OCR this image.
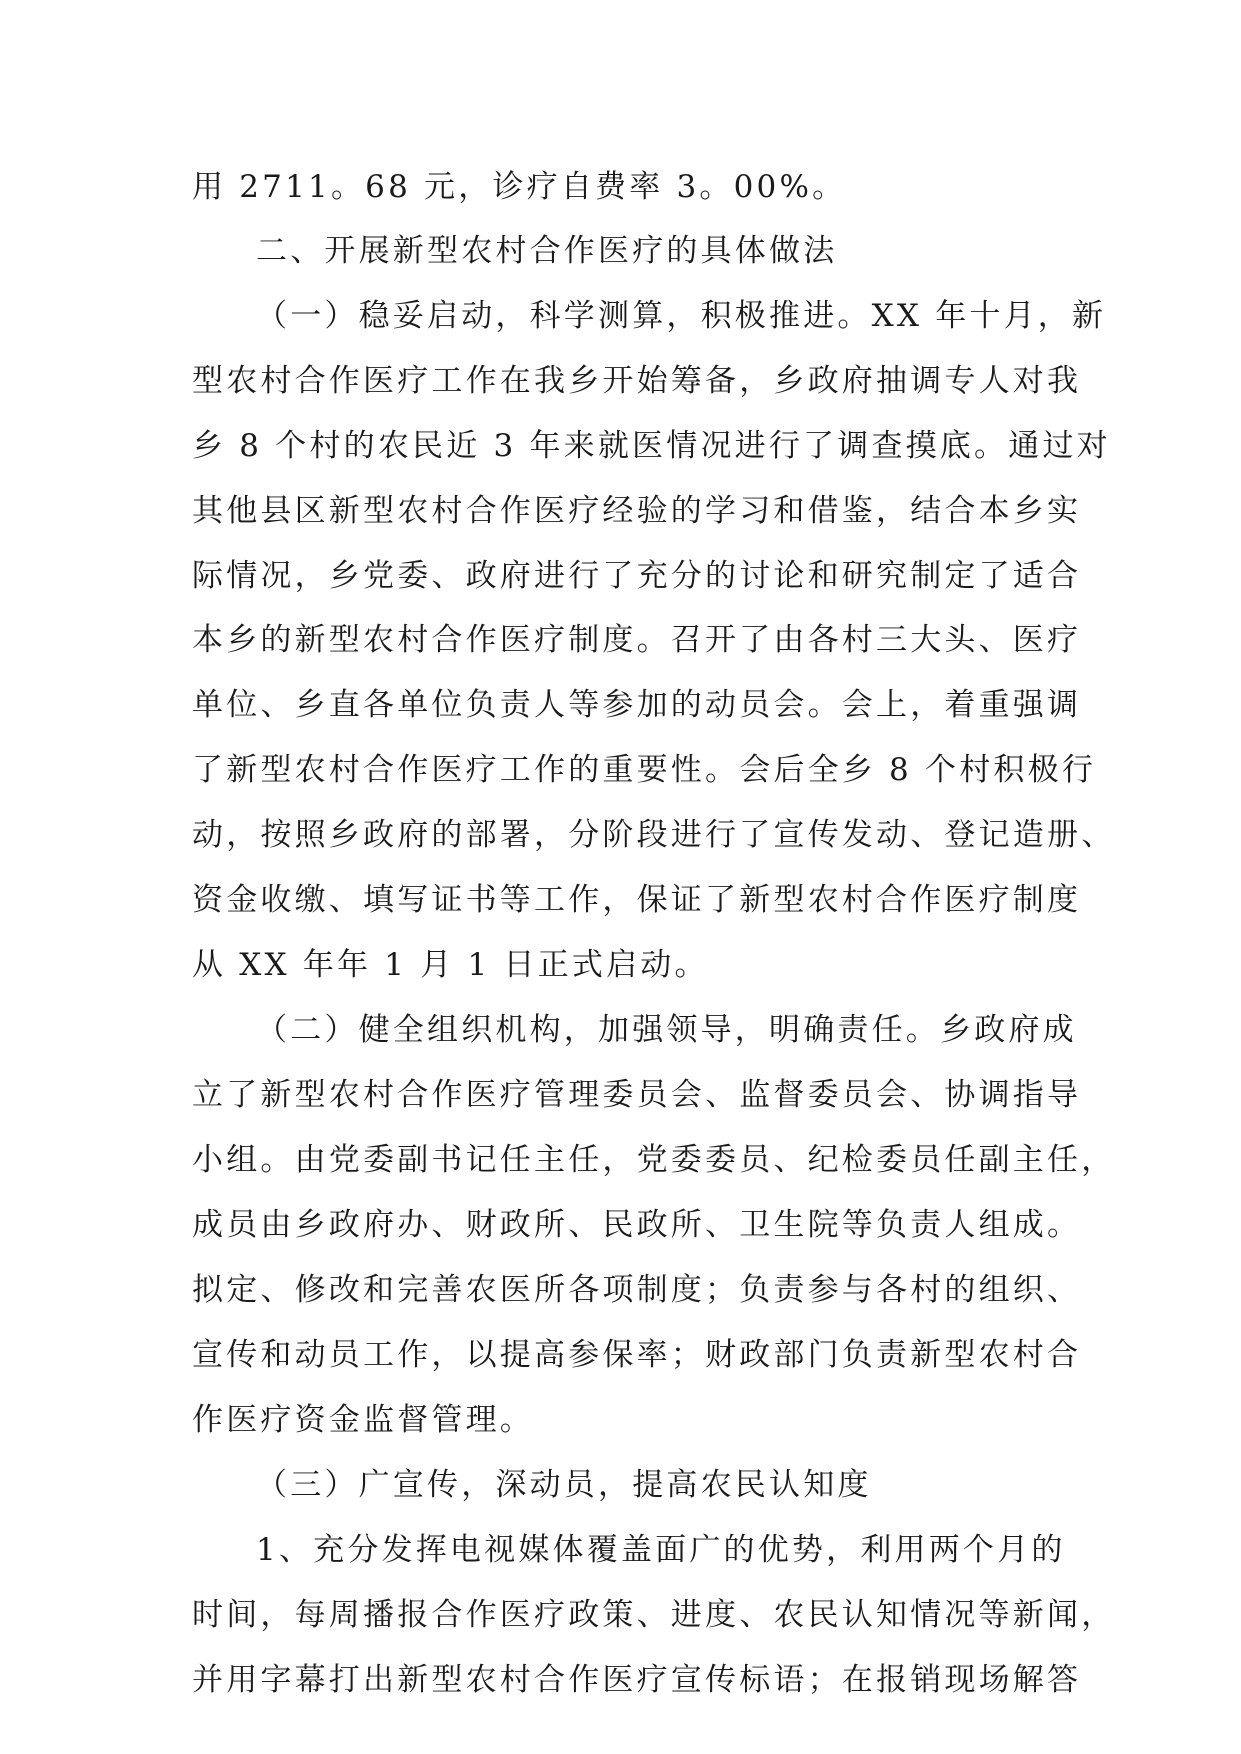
用 2711。68 元，诊疗自费率 3。00%。
二、开展新型农村合作医疗的具体做法
（一）稳妥启动，科学测算，积极推进。XX 年十月，新
型农村合作医疗工作在我乡开始筹备，乡政府抽调专人对我
乡 8 个村的农民近 3 年来就医情况进行了调查摸底。通过对
其他县区新型农村合作医疗经验的学习和借鉴，结合本乡实
际情况，乡党委、政府进行了充分的讨论和研究制定了适合
本乡的新型农村合作医疗制度。召开了由各村三大头、医疗
单位、乡直各单位负责人等参加的动员会。会上，着重强调
了新型农村合作医疗工作的重要性。会后全乡 8 个村积极行
动，按照乡政府的部署，分阶段进行了宣传发动、登记造册、
资金收缴、填写证书等工作，保证了新型农村合作医疗制度
从 XX 年年 1 月 1 日正式启动。
（二）健全组织机构，加强领导，明确责任。乡政府成
立了新型农村合作医疗管理委员会、监督委员会、协调指导
小组。由党委副书记任主任，党委委员、纪检委员任副主任，
成员由乡政府办、财政所、民政所、卫生院等负责人组成。
拟定、修改和完善农医所各项制度；负责参与各村的组织、
宣传和动员工作，以提高参保率；财政部门负责新型农村合
作医疗资金监督管理。
（三）广宣传，深动员，提高农民认知度
1、充分发挥电视媒体覆盖面广的优势，利用两个月的
时间，每周播报合作医疗政策、进度、农民认知情况等新闻，
并用字幕打出新型农村合作医疗宣传标语；在报销现场解答
